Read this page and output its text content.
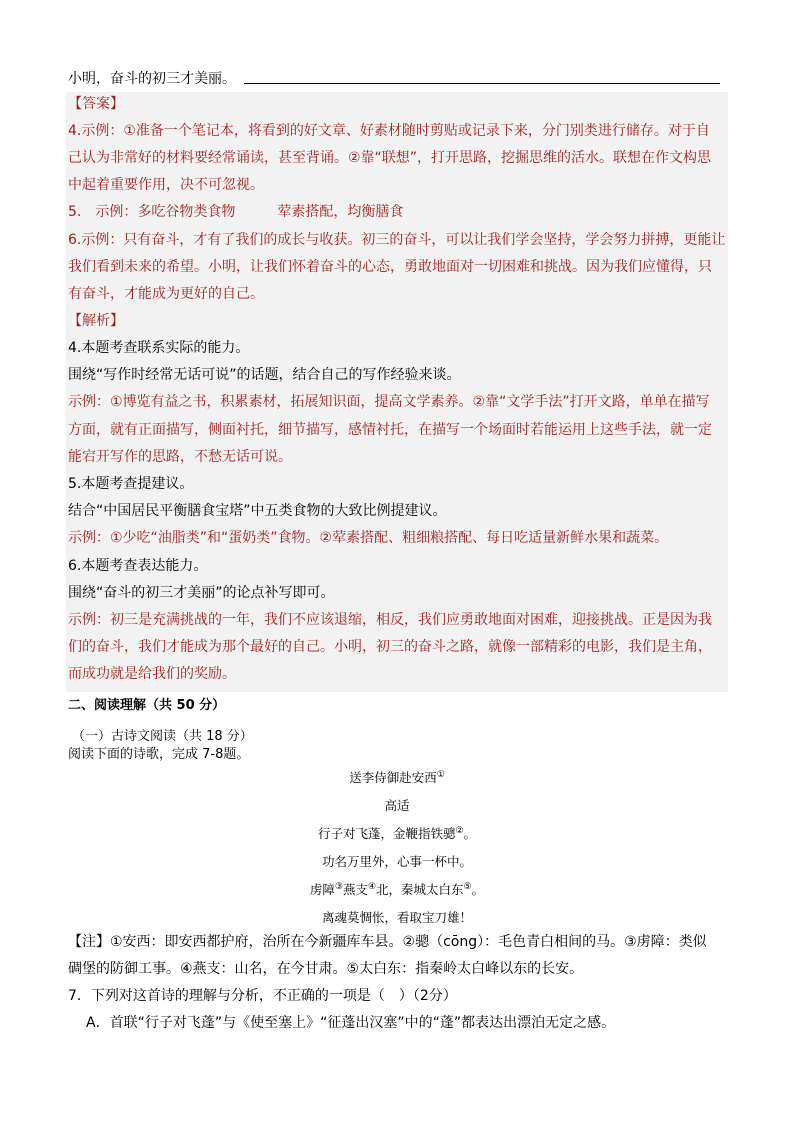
小明，奋斗的初三才美丽。
【答案】
4.示例：①准备一个笔记本，将看到的好文章、好素材随时剪贴或记录下来，分门别类进行储存。对于自
己认为非常好的材料要经常诵读，甚至背诵。②靠“联想”，打开思路，挖掘思维的活水。联想在作文构思
中起着重要作用，决不可忽视。
5.　示例：多吃谷物类食物　　　荤素搭配，均衡膳食
6.示例：只有奋斗，才有了我们的成长与收获。初三的奋斗，可以让我们学会坚持，学会努力拼搏，更能让
我们看到未来的希望。小明，让我们怀着奋斗的心态，勇敢地面对一切困难和挑战。因为我们应懂得，只
有奋斗，才能成为更好的自己。
【解析】
4.本题考查联系实际的能力。
围绕“写作时经常无话可说”的话题，结合自己的写作经验来谈。
示例：①博览有益之书，积累素材，拓展知识面，提高文学素养。②靠“文学手法”打开文路，单单在描写
方面，就有正面描写，侧面衬托，细节描写，感情衬托，在描写一个场面时若能运用上这些手法，就一定
能宕开写作的思路，不愁无话可说。
5.本题考查提建议。
结合“中国居民平衡膳食宝塔”中五类食物的大致比例提建议。
示例：①少吃“油脂类”和“蛋奶类”食物。②荤素搭配、粗细粮搭配、每日吃适量新鲜水果和蔬菜。
6.本题考查表达能力。
围绕“奋斗的初三才美丽”的论点补写即可。
示例：初三是充满挑战的一年，我们不应该退缩，相反，我们应勇敢地面对困难，迎接挑战。正是因为我
们的奋斗，我们才能成为那个最好的自己。小明，初三的奋斗之路，就像一部精彩的电影，我们是主角，
而成功就是给我们的奖励。
二、阅读理解（共 50 分）
（一）古诗文阅读（共 18 分）
阅读下面的诗歌，完成 7-8题。
送李侍御赴安西①
高适
行子对飞蓬，金鞭指铁骢②。
功名万里外，心事一杯中。
虏障③燕支④北，秦城太白东⑤。
离魂莫惆怅，看取宝刀雄！
【注】①安西：即安西都护府，治所在今新疆库车县。②骢（cōng）：毛色青白相间的马。③虏障：类似
碉堡的防御工事。④燕支：山名，在今甘肃。⑤太白东：指秦岭太白峰以东的长安。
7．下列对这首诗的理解与分析，不正确的一项是（　）（2分）
A．首联“行子对飞蓬”与《使至塞上》“征蓬出汉塞”中的“蓬”都表达出漂泊无定之感。
